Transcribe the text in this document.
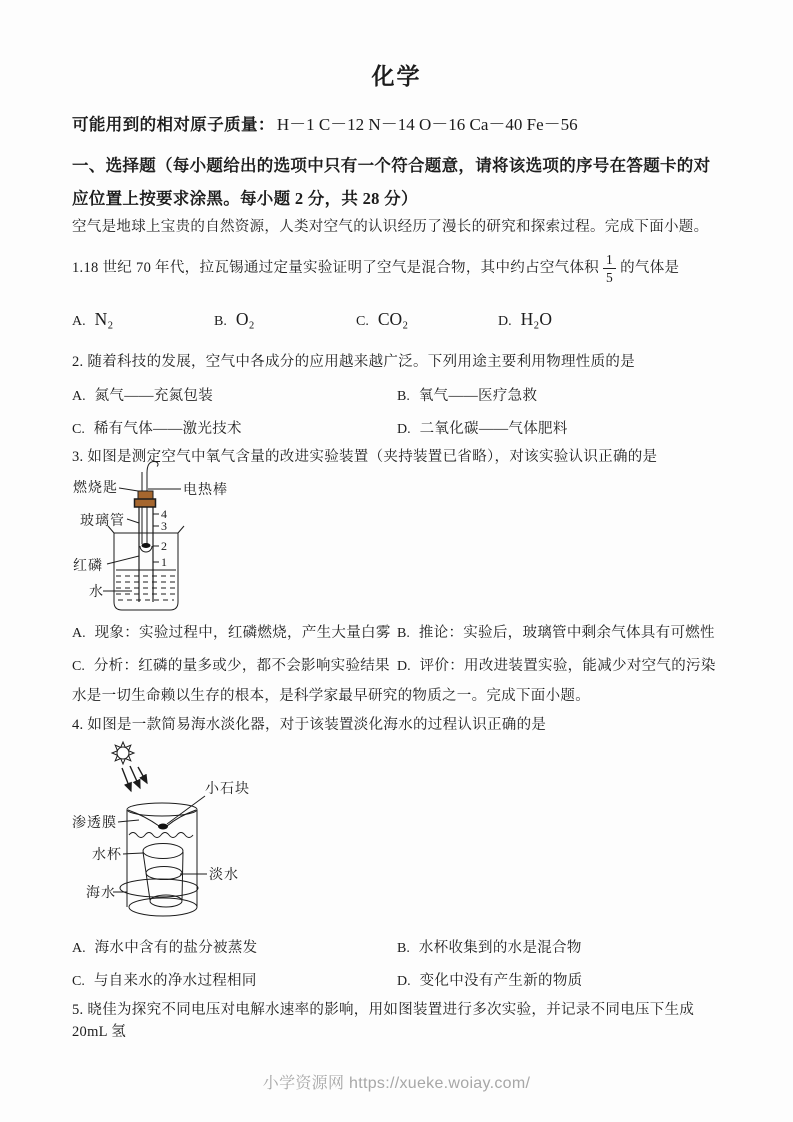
化学
可能用到的相对原子质量： H－1 C－12 N－14 O－16 Ca－40 Fe－56
一、选择题（每小题给出的选项中只有一个符合题意，请将该选项的序号在答题卡的对应位置上按要求涂黑。每小题 2 分，共 28 分）
空气是地球上宝贵的自然资源，人类对空气的认识经历了漫长的研究和探索过程。完成下面小题。
1.18 世纪 70 年代，拉瓦锡通过定量实验证明了空气是混合物，其中约占空气体积 $\frac{1}{5}$ 的气体是
A. N₂	B. O₂	C. CO₂	D. H₂O
2. 随着科技的发展，空气中各成分的应用越来越广泛。下列用途主要利用物理性质的是
A. 氮气——充氮包装	B. 氧气——医疗急救
C. 稀有气体——激光技术	D. 二氧化碳——气体肥料
3. 如图是测定空气中氧气含量的改进实验装置（夹持装置已省略），对该实验认识正确的是
燃烧匙	电热棒
玻璃管
红磷
水
4
3
2
1
A. 现象：实验过程中，红磷燃烧，产生大量白雾 B. 推论：实验后，玻璃管中剩余气体具有可燃性
C. 分析：红磷的量多或少，都不会影响实验结果 D. 评价：用改进装置实验，能减少对空气的污染
水是一切生命赖以生存的根本，是科学家最早研究的物质之一。完成下面小题。
4. 如图是一款简易海水淡化器，对于该装置淡化海水的过程认识正确的是
小石块
渗透膜
水杯
淡水
海水
A. 海水中含有的盐分被蒸发	B. 水杯收集到的水是混合物
C. 与自来水的净水过程相同	D. 变化中没有产生新的物质
5. 晓佳为探究不同电压对电解水速率的影响，用如图装置进行多次实验，并记录不同电压下生成20mL 氢
小学资源网 https://xueke.woiay.com/
